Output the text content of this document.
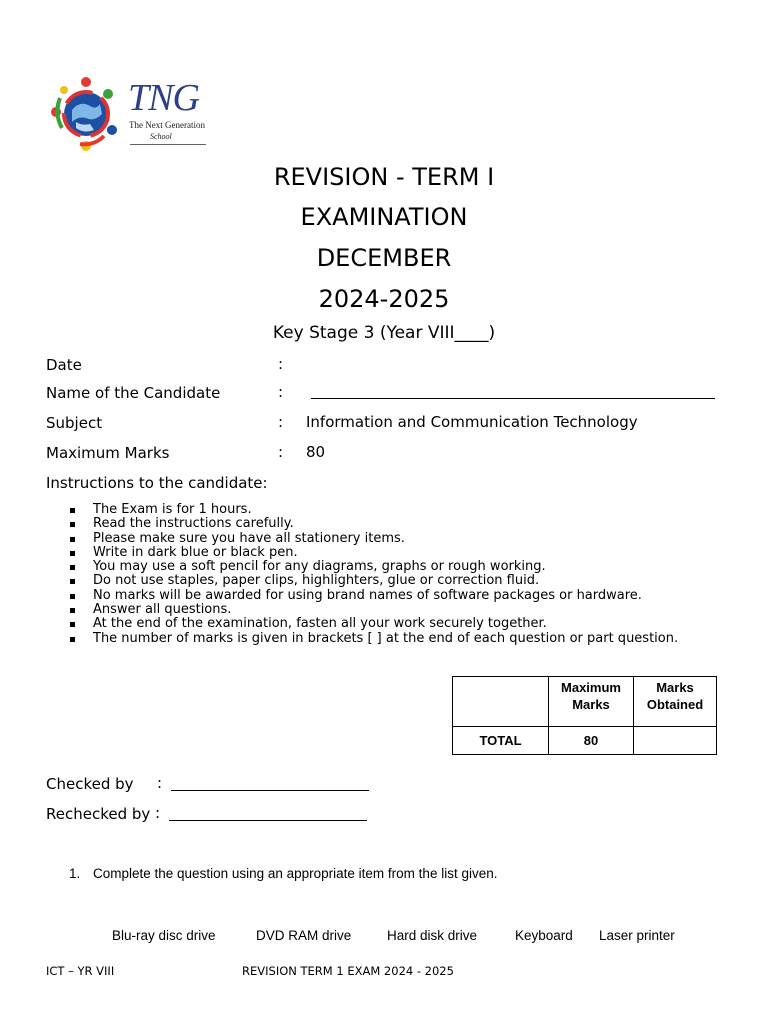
TNG
The Next Generation
School
REVISION - TERM I
EXAMINATION
DECEMBER
2024-2025
Key Stage 3 (Year VIII____)
Date	:
Name of the Candidate	:
Subject	: Information and Communication Technology
Maximum Marks	: 80
Instructions to the candidate:
The Exam is for 1 hours.
Read the instructions carefully.
Please make sure you have all stationery items.
Write in dark blue or black pen.
You may use a soft pencil for any diagrams, graphs or rough working.
Do not use staples, paper clips, highlighters, glue or correction fluid.
No marks will be awarded for using brand names of software packages or hardware.
Answer all questions.
At the end of the examination, fasten all your work securely together.
The number of marks is given in brackets [ ] at the end of each question or part question.
	Maximum Marks	Marks Obtained
TOTAL	80	
Checked by :
Rechecked by :
1. Complete the question using an appropriate item from the list given.
Blu-ray disc drive	DVD RAM drive	Hard disk drive	Keyboard Laser printer
ICT – YR VIII	REVISION TERM 1 EXAM 2024 - 2025
